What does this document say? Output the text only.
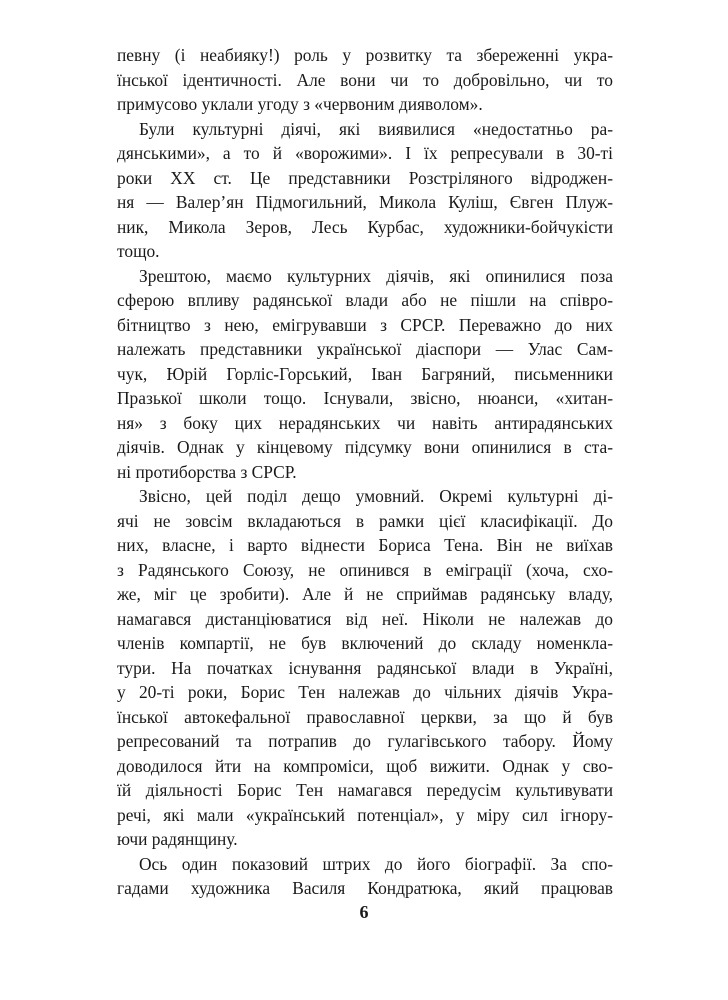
певну (і неабияку!) роль у розвитку та збереженні укра-
їнської ідентичності. Але вони чи то добровільно, чи то
примусово уклали угоду з «червоним дияволом».
Були культурні діячі, які виявилися «недостатньо ра-
дянськими», а то й «ворожими». І їх репресували в 30-ті
роки XX ст. Це представники Розстріляного відроджен-
ня — Валер’ян Підмогильний, Микола Куліш, Євген Плуж-
ник, Микола Зеров, Лесь Курбас, художники-бойчукісти
тощо.
Зрештою, маємо культурних діячів, які опинилися поза
сферою впливу радянської влади або не пішли на співро-
бітництво з нею, емігрувавши з СРСР. Переважно до них
належать представники української діаспори — Улас Сам-
чук, Юрій Горліс-Горський, Іван Багряний, письменники
Празької школи тощо. Існували, звісно, нюанси, «хитан-
ня» з боку цих нерадянських чи навіть антирадянських
діячів. Однак у кінцевому підсумку вони опинилися в ста-
ні протиборства з СРСР.
Звісно, цей поділ дещо умовний. Окремі культурні ді-
ячі не зовсім вкладаються в рамки цієї класифікації. До
них, власне, і варто віднести Бориса Тена. Він не виїхав
з Радянського Союзу, не опинився в еміграції (хоча, схо-
же, міг це зробити). Але й не сприймав радянську владу,
намагався дистанціюватися від неї. Ніколи не належав до
членів компартії, не був включений до складу номенкла-
тури. На початках існування радянської влади в Україні,
у 20-ті роки, Борис Тен належав до чільних діячів Укра-
їнської автокефальної православної церкви, за що й був
репресований та потрапив до гулагівського табору. Йому
доводилося йти на компроміси, щоб вижити. Однак у сво-
їй діяльності Борис Тен намагався передусім культивувати
речі, які мали «український потенціал», у міру сил ігнору-
ючи радянщину.
Ось один показовий штрих до його біографії. За спо-
гадами художника Василя Кондратюка, який працював
6
